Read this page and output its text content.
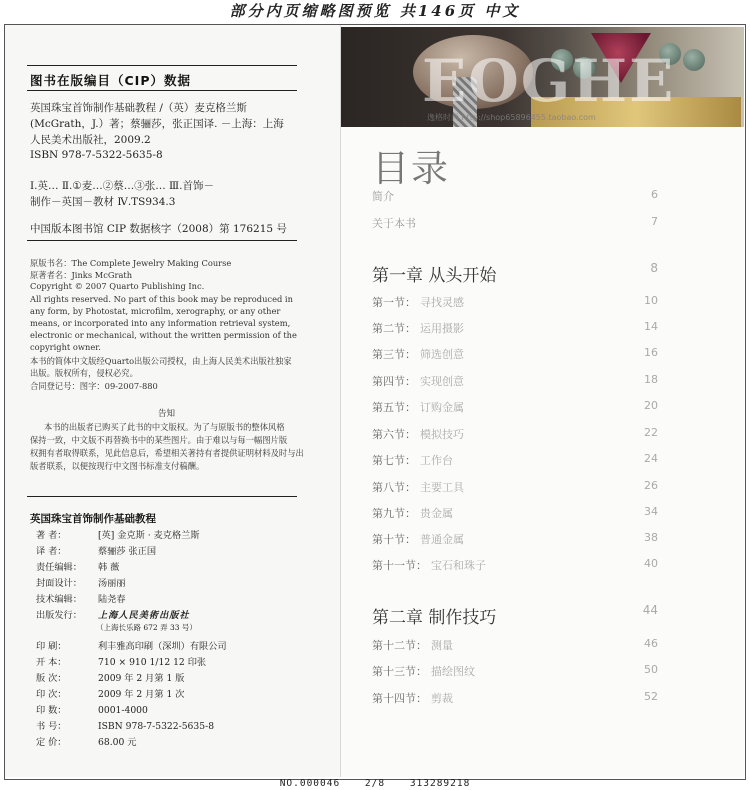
部分内页缩略图预览 共146页 中文
图书在版编目（CIP）数据
英国珠宝首饰制作基础教程 /（英）麦克格兰斯
(McGrath，J.）著；蔡骊莎，张正国译. －上海：上海
人民美术出版社，2009.2
ISBN 978-7-5322-5635-8
Ⅰ.英… Ⅱ.①麦…②蔡…③张… Ⅲ.首饰－
制作－英国－教材 Ⅳ.TS934.3
中国版本图书馆 CIP 数据核字（2008）第 176215 号
原版书名：The Complete Jewelry Making Course
原著者名：Jinks McGrath
Copyright © 2007 Quarto Publishing Inc.
All rights reserved. No part of this book may be reproduced in
any form, by Photostat, microfilm, xerography, or any other
means, or incorporated into any information retrieval system,
electronic or mechanical, without the written permission of the
copyright owner.
本书的简体中文版经Quarto出版公司授权，由上海人民美术出版社独家
出版。版权所有，侵权必究。
合同登记号：图字：09-2007-880
告知
本书的出版者已购买了此书的中文版权。为了与原版书的整体风格
保持一致，中文版不再替换书中的某些图片。由于难以与每一幅图片版
权拥有者取得联系，见此信息后，希望相关著持有者提供证明材料及时与出
版者联系，以便按现行中文图书标准支付稿酬。
英国珠宝首饰制作基础教程
著 者：	[英] 金克斯 · 麦克格兰斯
译 者：	蔡骊莎 张正国
责任编辑： 韩 薇
封面设计： 汤丽丽
技术编辑： 陆尧春
出版发行： 上海人民美術出版社
（上海长乐路 672 弄 33 号）
印 刷：	利丰雅高印刷（深圳）有限公司
开 本：	710 × 910 1/12 12 印张
版 次：	2009 年 2 月第 1 版
印 次：	2009 年 2 月第 1 次
印 数：	0001-4000
书 号：	ISBN 978-7-5322-5635-8
定 价：	68.00 元
EOGHE
逸格时尚 http://shop65896455.taobao.com
目录
简介	6
关于本书	7
第一章 从头开始	8
第一节： 寻找灵感	10
第二节： 运用摄影	14
第三节： 筛选创意	16
第四节： 实现创意	18
第五节： 订购金属	20
第六节： 模拟技巧	22
第七节： 工作台	24
第八节： 主要工具	26
第九节： 贵金属	34
第十节： 普通金属	38
第十一节： 宝石和珠子	40
第二章 制作技巧	44
第十二节： 测量	46
第十三节： 描绘图纹	50
第十四节： 剪裁	52
NO.000046	2/8	313289218
